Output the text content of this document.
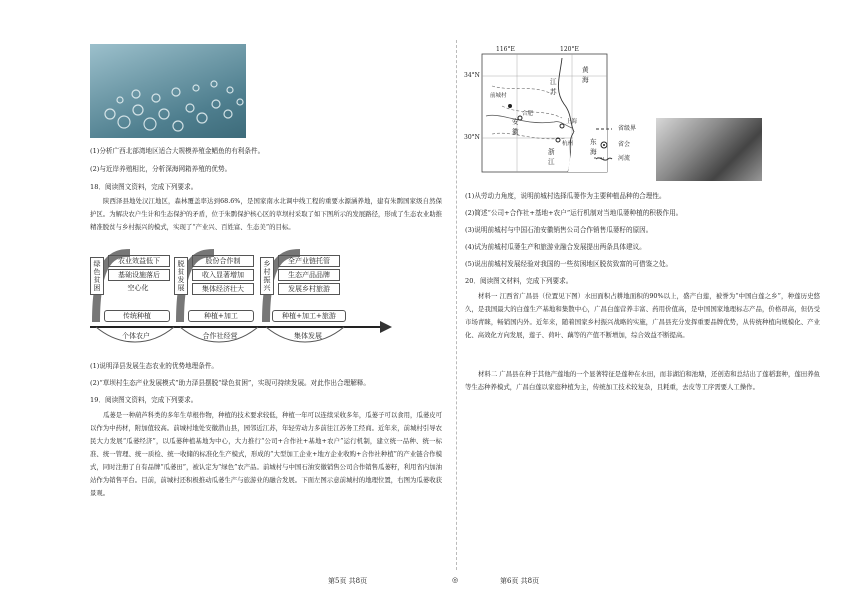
(1)分析广西北部湾地区适合大规模养殖金鲳鱼的有利条件。
(2)与近岸养殖相比，分析深海网箱养殖的优势。
18．阅读图文资料，完成下列要求。
陕西泽县地处汉江地区，森林覆盖率达到68.6%，是国家南水北调中线工程的重要水源涵养地，建有朱鹮国家级自然保护区。为解决农户生计和生态保护的矛盾，位于朱鹮保护核心区的草坝村采取了如下图所示的发展路径，形成了生态农业助推精准脱贫与乡村振兴的模式，实现了“产业兴、百姓富、生态美”的目标。
绿色贫困
脱贫发展
乡村振兴
农业效益低下
基础设施落后
空心化
股份合作制
收入显著增加
集体经济壮大
全产业链托管
生态产品品牌
发展乡村旅游
传统种植
个体农户
种植+加工
合作社经营
种植+加工+旅游
集体发展
(1)说明泽县发展生态农业的优势地理条件。
(2)“草坝村生态产业发展模式”助力泽县摆脱“绿色贫困”，实现可持续发展。对此作出合理解释。
19．阅读图文资料，完成下列要求。
瓜蒌是一种葫芦科类的多年生草根作物，种植的技术要求较低，种植一年可以连续采收多年，瓜蒌子可以食用，瓜蒌皮可以作为中药材，附加值较高。前城村地处安徽潜山县，园邻近江苏，年轻劳动力多前往江苏务工经商。近年来，前城村引导农民大力发展“瓜蒌经济”，以瓜蒌种植基地为中心，大力推行“公司+合作社+基地+农户”运行机制，建立统一品种、统一标准、统一管理、统一质检、统一收储的标准化生产模式，形成的“大型加工企业+地方企业收购+合作社种植”的产业链合作模式，同时注册了自有品牌“瓜蒌田”，被认定为“绿色”农产品。前城村与中国石油安徽销售公司合作销售瓜蒌籽，利用省内加油站作为销售平台。目前，前城村还积极推动瓜蒌生产与旅游业的融合发展。下面左图示意前城村的地理位置，右图为瓜蒌收获景观。
116°E	120°E
34°N
30°N
黄
海
东
海
江
苏
安
徽
浙
江
前城村
合肥
上海
杭州
省级界
省会
河流
(1)从劳动力角度，说明前城村选择瓜蒌作为主要种植品种的合理性。
(2)简述“公司+合作社+基地+农户”运行机制对当地瓜蒌种植的积极作用。
(3)说明前城村与中国石油安徽销售公司合作销售瓜蒌籽的原因。
(4)试为前城村瓜蒌生产和旅游业融合发展提出两条具体建议。
(5)说出前城村发展经验对我国的一些贫困地区脱贫致富的可借鉴之处。
20．阅读图文材料，完成下列要求。
材料一 江西省广昌县（位置见下图）水田面积占耕地面积的90%以上，盛产白莲，被誉为“中国白莲之乡”，种莲历史悠久，是我国最大的白莲生产基地和集散中心，广昌白莲营养丰富、药用价值高，是中国国家地理标志产品，价格昂高，但仍受市场青睐，畅销国内外。近年来，随着国家乡村振兴战略的实施，广昌县充分发挥重要品牌优势，从传统种植向规模化、产业化、高效化方向发展，莲子、荷叶、藕等的产值不断增加，综合效益不断提高。
材料二 广昌县在种于其他产莲地的一个显著特征是莲种在水田，而非湖泊和池塘，还创造和总结出了莲稻套种，莲田养鱼等生态种养模式，广昌白莲以家庭种植为主，传统加工技术较复杂，且耗重，去皮等工序需要人工操作。
第5页 共8页	◎	第6页 共8页
